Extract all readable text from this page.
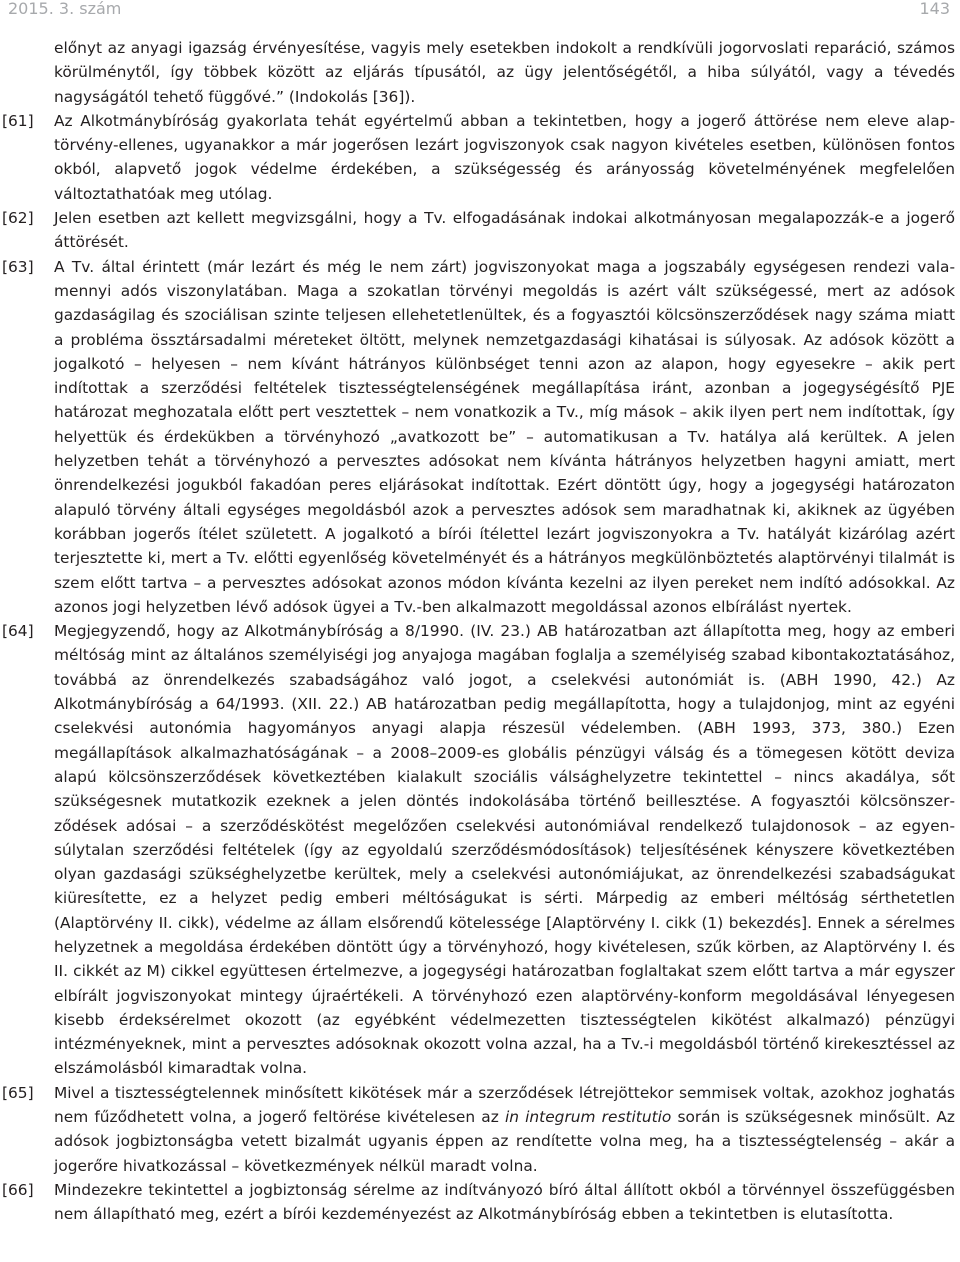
2015. 3. szám	143

előnyt az anyagi igazság érvényesítése, vagyis mely esetekben indokolt a rendkívüli jogorvoslati reparáció, számos körülménytől, így többek között az eljárás típusától, az ügy jelentőségétől, a hiba súlyától, vagy a tévedés nagyságától tehető függővé.” (Indokolás [36]).

[61]	Az Alkotmánybíróság gyakorlata tehát egyértelmű abban a tekintetben, hogy a jogerő áttörése nem eleve alaptörvény-ellenes, ugyanakkor a már jogerősen lezárt jogviszonyok csak nagyon kivételes esetben, különösen fontos okból, alapvető jogok védelme érdekében, a szükségesség és arányosság követelményének megfelelően változtathatóak meg utólag.

[62]	Jelen esetben azt kellett megvizsgálni, hogy a Tv. elfogadásának indokai alkotmányosan megalapozzák-e a jogerő áttörését.

[63]	A Tv. által érintett (már lezárt és még le nem zárt) jogviszonyokat maga a jogszabály egységesen rendezi valamennyi adós viszonylatában. Maga a szokatlan törvényi megoldás is azért vált szükségessé, mert az adósok gazdaságilag és szociálisan szinte teljesen ellehetetlenültek, és a fogyasztói kölcsönszerződések nagy száma miatt a probléma össztársadalmi méreteket öltött, melynek nemzetgazdasági kihatásai is súlyosak. Az adósok között a jogalkotó – helyesen – nem kívánt hátrányos különbséget tenni azon az alapon, hogy egyesekre – akik pert indítottak a szerződési feltételek tisztességtelenségének megállapítása iránt, azonban a jogegységésítő PJE határozat meghozatala előtt pert vesztettek – nem vonatkozik a Tv., míg mások – akik ilyen pert nem indítottak, így helyettük és érdekükben a törvényhozó „avatkozott be” – automatikusan a Tv. hatálya alá kerültek. A jelen helyzetben tehát a törvényhozó a pervesztes adósokat nem kívánta hátrányos helyzetben hagyni amiatt, mert önrendelkezési jogukból fakadóan peres eljárásokat indítottak. Ezért döntött úgy, hogy a jogegységi határozaton alapuló törvény általi egységes megoldásból azok a pervesztes adósok sem maradhatnak ki, akiknek az ügyében korábban jogerős ítélet született. A jogalkotó a bírói ítélettel lezárt jogviszonyokra a Tv. hatályát kizárólag azért terjesztette ki, mert a Tv. előtti egyenlőség követelményét és a hátrányos megkülönböztetés alaptörvényi tilalmát is szem előtt tartva – a pervesztes adósokat azonos módon kívánta kezelni az ilyen pereket nem indító adósokkal. Az azonos jogi helyzetben lévő adósok ügyei a Tv.-ben alkalmazott megoldással azonos elbírálást nyertek.

[64]	Megjegyzendő, hogy az Alkotmánybíróság a 8/1990. (IV. 23.) AB határozatban azt állapította meg, hogy az emberi méltóság mint az általános személyiségi jog anyajoga magában foglalja a személyiség szabad kibontakoztatásához, továbbá az önrendelkezés szabadságához való jogot, a cselekvési autonómiát is. (ABH 1990, 42.) Az Alkotmánybíróság a 64/1993. (XII. 22.) AB határozatban pedig megállapította, hogy a tulajdonjog, mint az egyéni cselekvési autonómia hagyományos anyagi alapja részesül védelemben. (ABH 1993, 373, 380.) Ezen megállapítások alkalmazhatóságának – a 2008–2009-es globális pénzügyi válság és a tömegesen kötött deviza alapú kölcsönszerződések következtében kialakult szociális válsághelyzetre tekintettel – nincs akadálya, sőt szükségesnek mutatkozik ezeknek a jelen döntés indokolásába történő beillesztése. A fogyasztói kölcsönszerződések adósai – a szerződéskötést megelőzően cselekvési autonómiával rendelkező tulajdonosok – az egyensúlytalan szerződési feltételek (így az egyoldalú szerződésmódosítások) teljesítésének kényszere következtében olyan gazdasági szükséghelyzetbe kerültek, mely a cselekvési autonómiájukat, az önrendelkezési szabadságukat kiüresítette, ez a helyzet pedig emberi méltóságukat is sérti. Márpedig az emberi méltóság sérthetetlen (Alaptörvény II. cikk), védelme az állam elsőrendű kötelessége [Alaptörvény I. cikk (1) bekezdés]. Ennek a sérelmes helyzetnek a megoldása érdekében döntött úgy a törvényhozó, hogy kivételesen, szűk körben, az Alaptörvény I. és II. cikkét az M) cikkel együttesen értelmezve, a jogegységi határozatban foglaltakat szem előtt tartva a már egyszer elbírált jogviszonyokat mintegy újraértékeli. A törvényhozó ezen alaptörvény-konform megoldásával lényegesen kisebb érdeksérelmet okozott (az egyébként védelmezetten tisztességtelen kikötést alkalmazó) pénzügyi intézményeknek, mint a pervesztes adósoknak okozott volna azzal, ha a Tv.-i megoldásból történő kirekesztéssel az elszámolásból kimaradtak volna.

[65]	Mivel a tisztességtelennek minősített kikötések már a szerződések létrejöttekor semmisek voltak, azokhoz joghatás nem fűződhetett volna, a jogerő feltörése kivételesen az in integrum restitutio során is szükségesnek minősült. Az adósok jogbiztonságba vetett bizalmát ugyanis éppen az rendítette volna meg, ha a tisztességtelenség – akár a jogerőre hivatkozással – következmények nélkül maradt volna.

[66]	Mindezekre tekintettel a jogbiztonság sérelme az indítványozó bíró által állított okból a törvénnyel összefüggésben nem állapítható meg, ezért a bírói kezdeményezést az Alkotmánybíróság ebben a tekintetben is elutasította.
